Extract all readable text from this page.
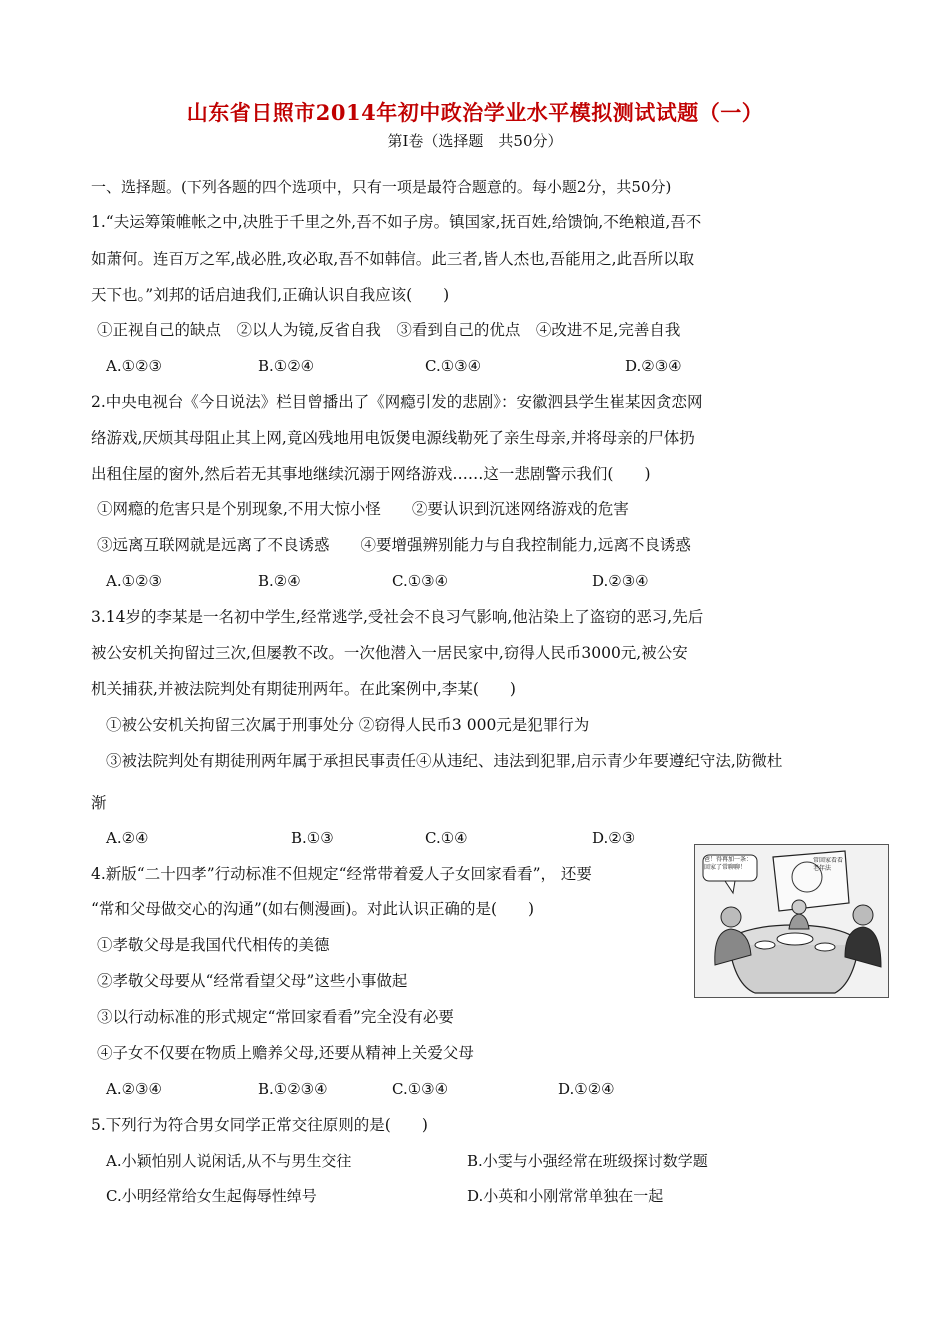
山东省日照市2014年初中政治学业水平模拟测试试题（一）
第Ⅰ卷（选择题　共50分）
一、选择题。(下列各题的四个选项中，只有一项是最符合题意的。每小题2分，共50分)
1.“夫运筹策帷帐之中,决胜于千里之外,吾不如子房。镇国家,抚百姓,给馈饷,不绝粮道,吾不
如萧何。连百万之军,战必胜,攻必取,吾不如韩信。此三者,皆人杰也,吾能用之,此吾所以取
天下也。”刘邦的话启迪我们,正确认识自我应该(　　)
①正视自己的缺点　②以人为镜,反省自我　③看到自己的优点　④改进不足,完善自我
A.①②③	B.①②④	C.①③④	D.②③④
2.中央电视台《今日说法》栏目曾播出了《网瘾引发的悲剧》：安徽泗县学生崔某因贪恋网
络游戏,厌烦其母阻止其上网,竟凶残地用电饭煲电源线勒死了亲生母亲,并将母亲的尸体扔
出租住屋的窗外,然后若无其事地继续沉溺于网络游戏……这一悲剧警示我们(　　)
①网瘾的危害只是个别现象,不用大惊小怪　　②要认识到沉迷网络游戏的危害
③远离互联网就是远离了不良诱惑　　④要增强辨别能力与自我控制能力,远离不良诱惑
A.①②③	B.②④	C.①③④	D.②③④
3.14岁的李某是一名初中学生,经常逃学,受社会不良习气影响,他沾染上了盗窃的恶习,先后
被公安机关拘留过三次,但屡教不改。一次他潜入一居民家中,窃得人民币3000元,被公安
机关捕获,并被法院判处有期徒刑两年。在此案例中,李某(　　)
①被公安机关拘留三次属于刑事处分 ②窃得人民币3 000元是犯罪行为
③被法院判处有期徒刑两年属于承担民事责任④从违纪、违法到犯罪,启示青少年要遵纪守法,防微杜
渐
A.②④	B.①③	C.①④	D.②③
4.新版“二十四孝”行动标准不但规定“经常带着爱人子女回家看看”， 还要
“常和父母做交心的沟通”(如右侧漫画)。对此认识正确的是(　　)
①孝敬父母是我国代代相传的美德
②孝敬父母要从“经常看望父母”这些小事做起
③以行动标准的形式规定“常回家看看”完全没有必要
④子女不仅要在物质上赡养父母,还要从精神上关爱父母
A.②③④	B.①②③④	C.①③④	D.①②④
爸！得再加一条：回家了常聊聊！
常回家看看 老年法
5.下列行为符合男女同学正常交往原则的是(　　)
A.小颖怕别人说闲话,从不与男生交往	B.小雯与小强经常在班级探讨数学题
C.小明经常给女生起侮辱性绰号	D.小英和小刚常常单独在一起
